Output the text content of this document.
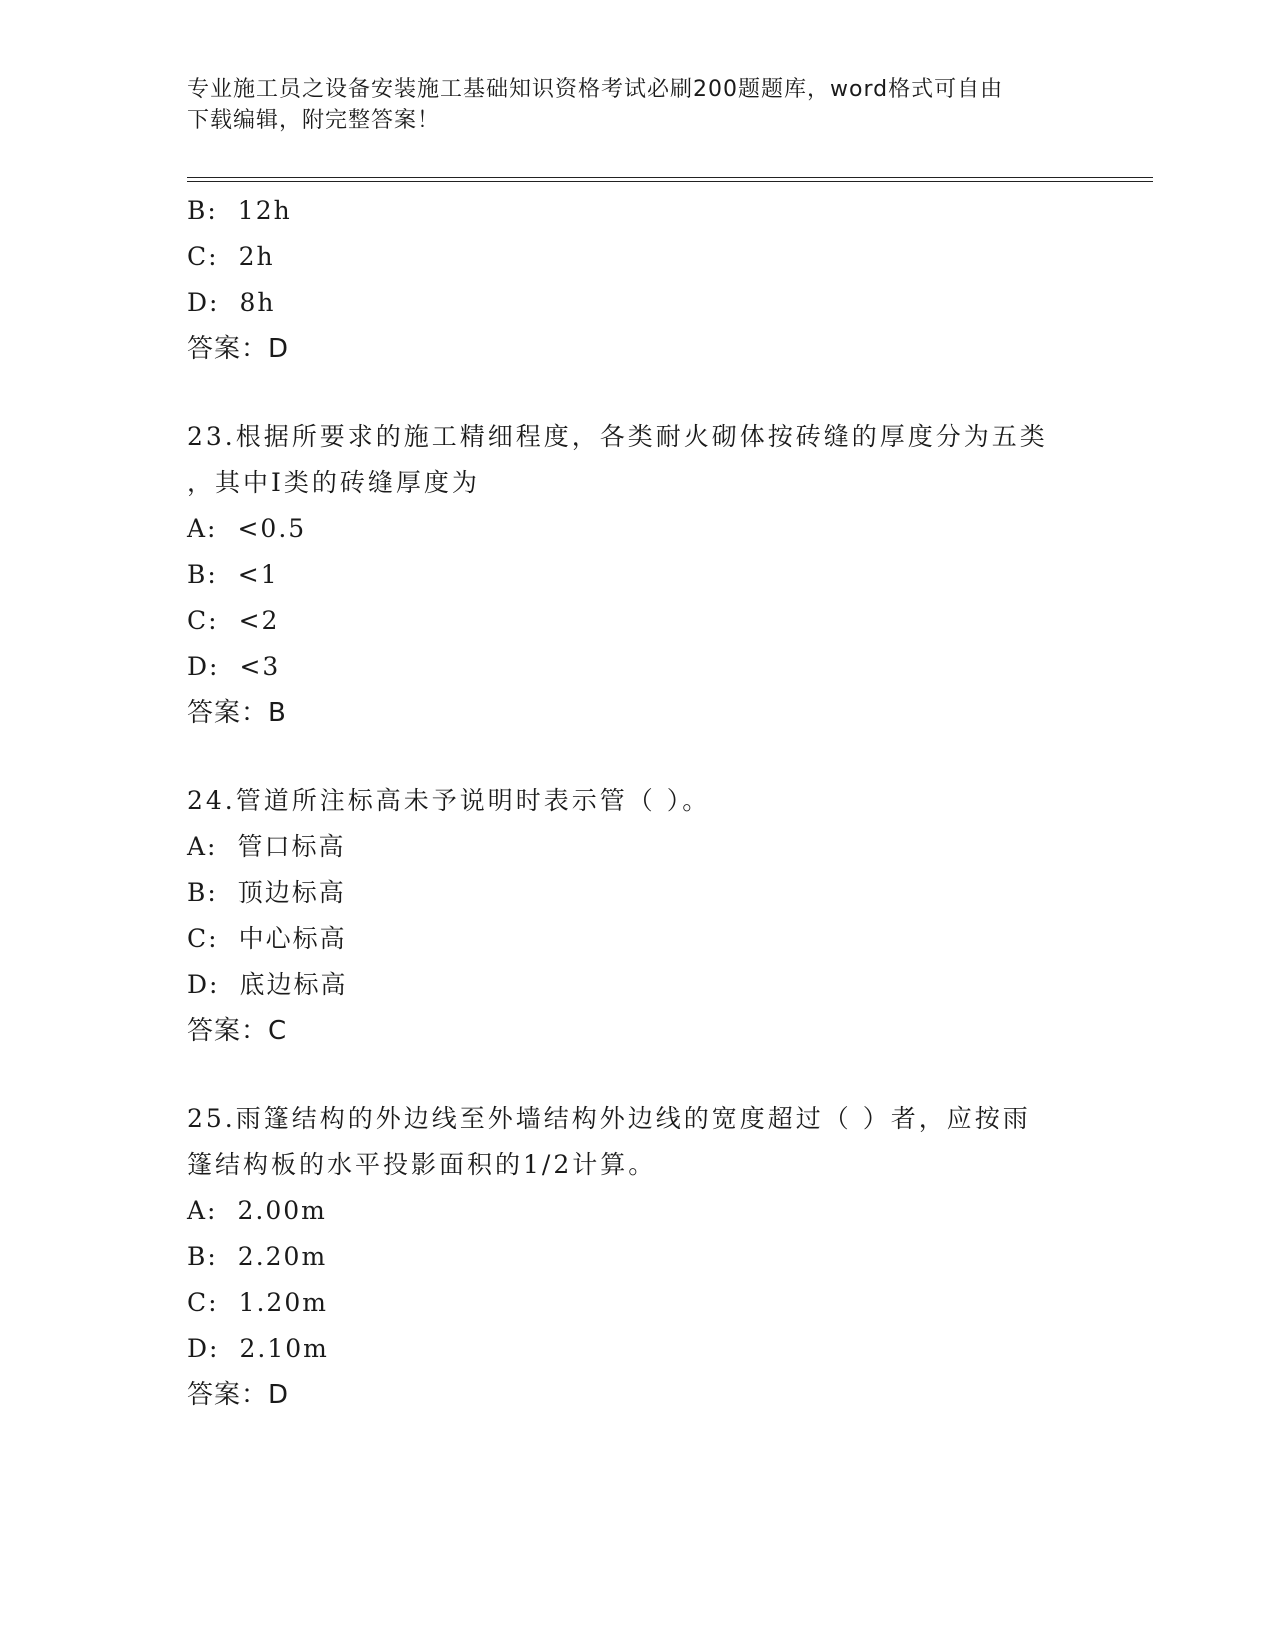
专业施工员之设备安装施工基础知识资格考试必刷200题题库，word格式可自由
下载编辑，附完整答案！
B: 12h
C: 2h
D: 8h
答案：D
23.根据所要求的施工精细程度，各类耐火砌体按砖缝的厚度分为五类
，其中Ⅰ类的砖缝厚度为
A: <0.5
B: <1
C: <2
D: <3
答案：B
24.管道所注标高未予说明时表示管（ ）。
A: 管口标高
B: 顶边标高
C: 中心标高
D: 底边标高
答案：C
25.雨篷结构的外边线至外墙结构外边线的宽度超过（ ）者，应按雨
篷结构板的水平投影面积的1/2计算。
A: 2.00m
B: 2.20m
C: 1.20m
D: 2.10m
答案：D
